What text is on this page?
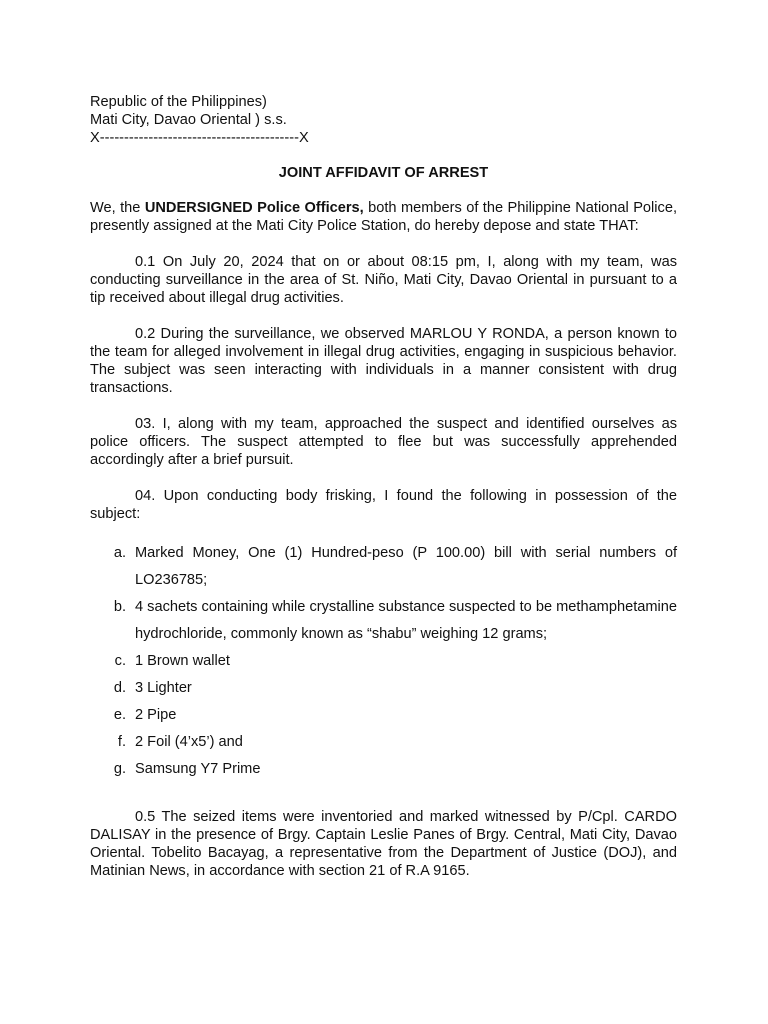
Republic of the Philippines)

Mati City, Davao Oriental ) s.s.

X-----------------------------------------X

JOINT AFFIDAVIT OF ARREST

We, the UNDERSIGNED Police Officers, both members of the Philippine National Police, presently assigned at the Mati City Police Station, do hereby depose and state THAT:

0.1 On July 20, 2024 that on or about 08:15 pm, I, along with my team, was conducting surveillance in the area of St. Niño, Mati City, Davao Oriental in pursuant to a tip received about illegal drug activities.

0.2 During the surveillance, we observed MARLOU Y RONDA, a person known to the team for alleged involvement in illegal drug activities, engaging in suspicious behavior. The subject was seen interacting with individuals in a manner consistent with drug transactions.

03. I, along with my team, approached the suspect and identified ourselves as police officers. The suspect attempted to flee but was successfully apprehended accordingly after a brief pursuit.

04. Upon conducting body frisking, I found the following in possession of the subject:

a. Marked Money, One (1) Hundred-peso (P 100.00) bill with serial numbers of LO236785;
b. 4 sachets containing while crystalline substance suspected to be methamphetamine hydrochloride, commonly known as “shabu” weighing 12 grams;
c. 1 Brown wallet
d. 3 Lighter
e. 2 Pipe
f. 2 Foil (4’x5’) and
g. Samsung Y7 Prime

0.5 The seized items were inventoried and marked witnessed by P/Cpl. CARDO DALISAY in the presence of Brgy. Captain Leslie Panes of Brgy. Central, Mati City, Davao Oriental. Tobelito Bacayag, a representative from the Department of Justice (DOJ), and Matinian News, in accordance with section 21 of R.A 9165.
